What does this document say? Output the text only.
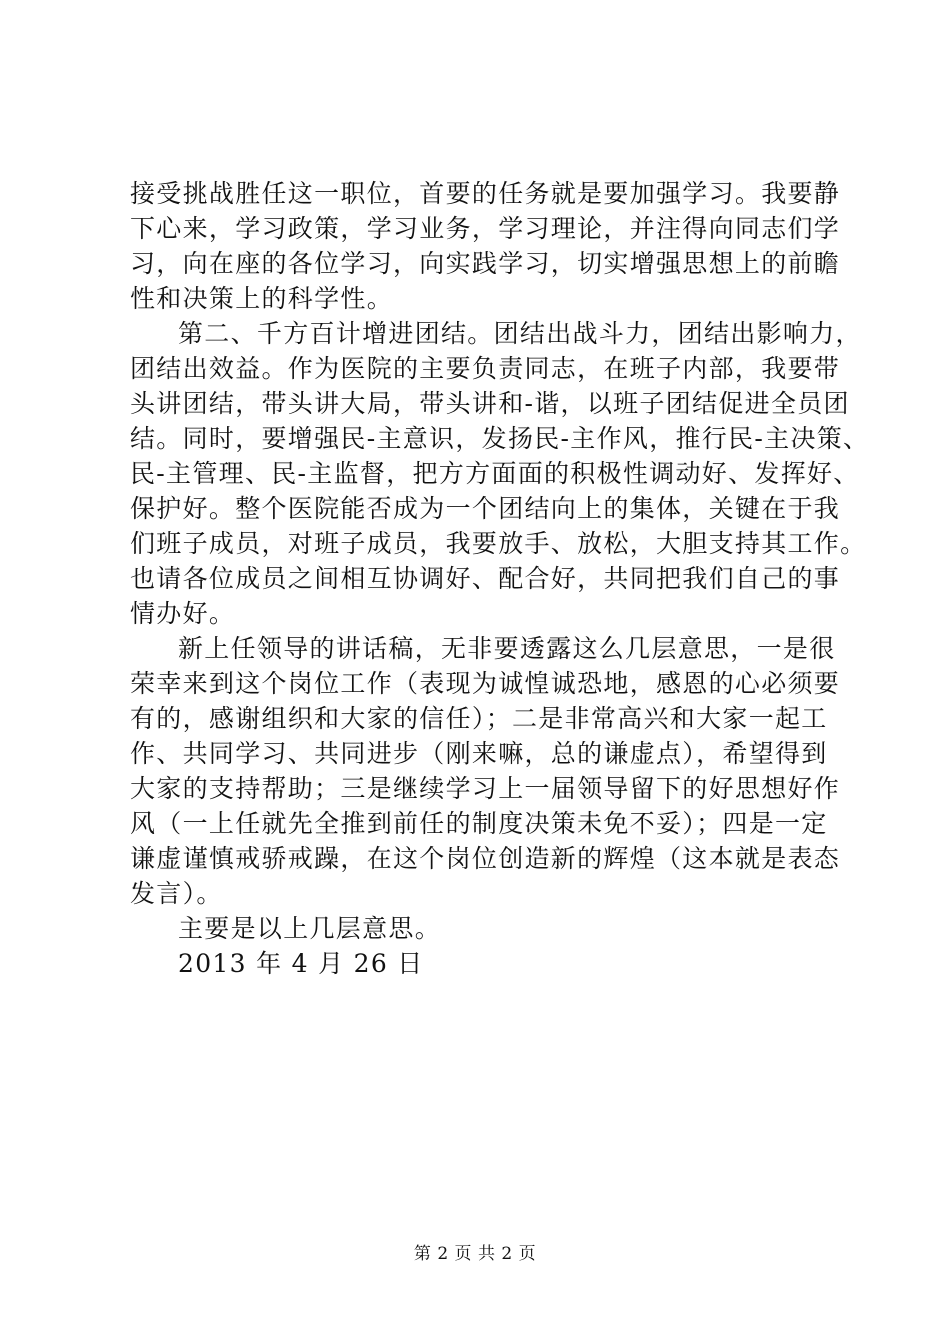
接受挑战胜任这一职位，首要的任务就是要加强学习。我要静
下心来，学习政策，学习业务，学习理论，并注得向同志们学
习，向在座的各位学习，向实践学习，切实增强思想上的前瞻
性和决策上的科学性。
第二、千方百计增进团结。团结出战斗力，团结出影响力，
团结出效益。作为医院的主要负责同志，在班子内部，我要带
头讲团结，带头讲大局，带头讲和-谐，以班子团结促进全员团
结。同时，要增强民-主意识，发扬民-主作风，推行民-主决策、
民-主管理、民-主监督，把方方面面的积极性调动好、发挥好、
保护好。整个医院能否成为一个团结向上的集体，关键在于我
们班子成员，对班子成员，我要放手、放松，大胆支持其工作。
也请各位成员之间相互协调好、配合好，共同把我们自己的事
情办好。
新上任领导的讲话稿，无非要透露这么几层意思，一是很
荣幸来到这个岗位工作（表现为诚惶诚恐地，感恩的心必须要
有的，感谢组织和大家的信任）；二是非常高兴和大家一起工
作、共同学习、共同进步（刚来嘛，总的谦虚点），希望得到
大家的支持帮助；三是继续学习上一届领导留下的好思想好作
风（一上任就先全推到前任的制度决策未免不妥）；四是一定
谦虚谨慎戒骄戒躁，在这个岗位创造新的辉煌（这本就是表态
发言）。
主要是以上几层意思。
2013 年 4 月 26 日
第 2 页 共 2 页
